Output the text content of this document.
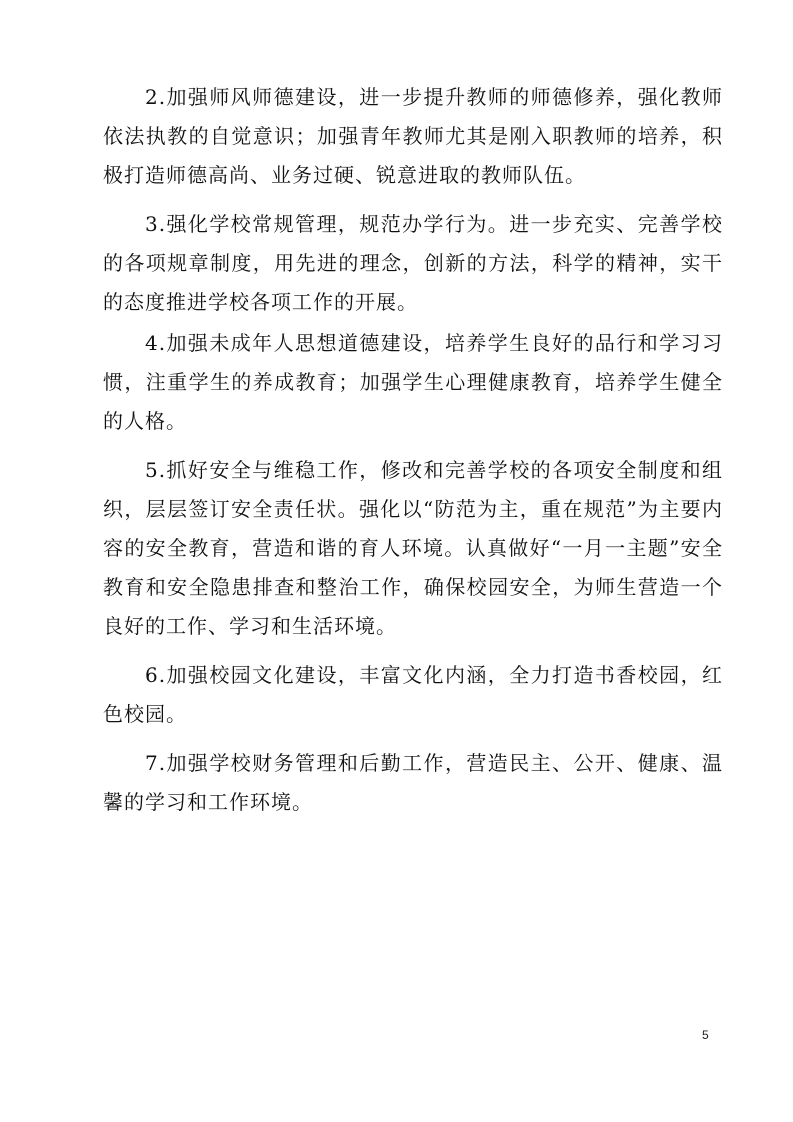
2.加强师风师德建设，进一步提升教师的师德修养，强化教师依法执教的自觉意识；加强青年教师尤其是刚入职教师的培养，积极打造师德高尚、业务过硬、锐意进取的教师队伍。

3.强化学校常规管理，规范办学行为。进一步充实、完善学校的各项规章制度，用先进的理念，创新的方法，科学的精神，实干的态度推进学校各项工作的开展。

4.加强未成年人思想道德建设，培养学生良好的品行和学习习惯，注重学生的养成教育；加强学生心理健康教育，培养学生健全的人格。

5.抓好安全与维稳工作，修改和完善学校的各项安全制度和组织，层层签订安全责任状。强化以“防范为主，重在规范”为主要内容的安全教育，营造和谐的育人环境。认真做好“一月一主题”安全教育和安全隐患排查和整治工作，确保校园安全，为师生营造一个良好的工作、学习和生活环境。

6.加强校园文化建设，丰富文化内涵，全力打造书香校园，红色校园。

7.加强学校财务管理和后勤工作，营造民主、公开、健康、温馨的学习和工作环境。

5
